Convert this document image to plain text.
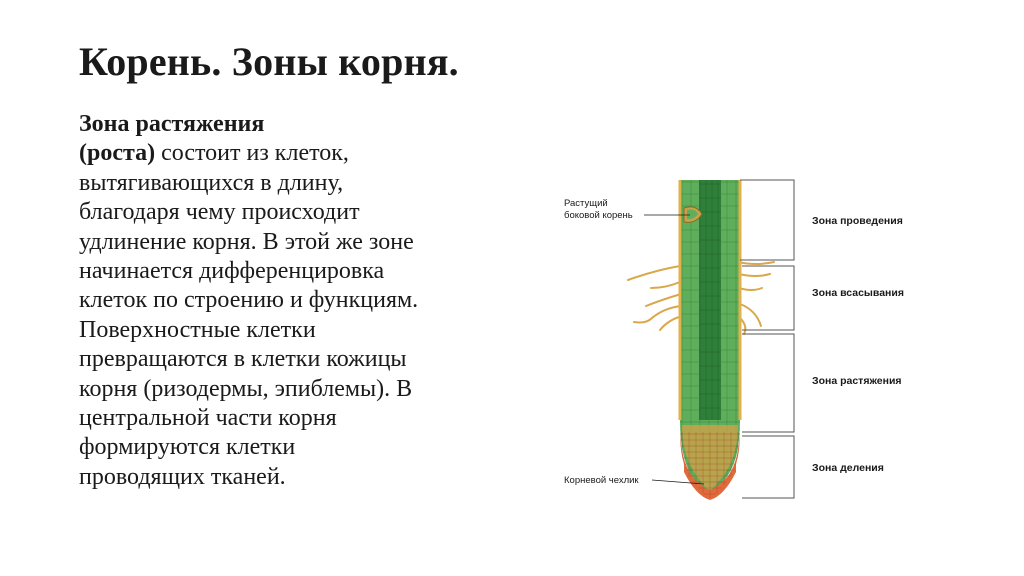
Корень. Зоны корня.
Зона растяжения
(роста) состоит из клеток,
вытягивающихся в длину,
благодаря чему происходит
удлинение корня. В этой же зоне
начинается дифференцировка
клеток по строению и функциям.
Поверхностные клетки
превращаются в клетки кожицы
корня (ризодермы, эпиблемы). В
центральной части корня
формируются клетки
проводящих тканей.
Растущий
боковой корень
Корневой чехлик
Зона проведения
Зона всасывания
Зона растяжения
Зона деления
